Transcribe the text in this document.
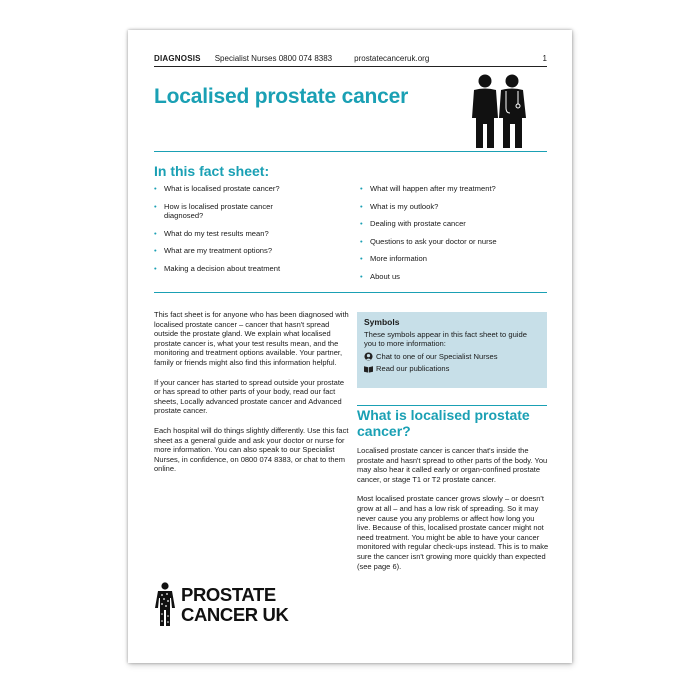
DIAGNOSIS Specialist Nurses 0800 074 8383	prostatecanceruk.org	1
Localised prostate cancer
In this fact sheet:
• What is localised prostate cancer?
• How is localised prostate cancer diagnosed?
• What do my test results mean?
• What are my treatment options?
• Making a decision about treatment
• What will happen after my treatment?
• What is my outlook?
• Dealing with prostate cancer
• Questions to ask your doctor or nurse
• More information
• About us

This fact sheet is for anyone who has been diagnosed with localised prostate cancer – cancer that hasn't spread outside the prostate gland. We explain what localised prostate cancer is, what your test results mean, and the monitoring and treatment options available. Your partner, family or friends might also find this information helpful.

If your cancer has started to spread outside your prostate or has spread to other parts of your body, read our fact sheets, Locally advanced prostate cancer and Advanced prostate cancer.

Each hospital will do things slightly differently. Use this fact sheet as a general guide and ask your doctor or nurse for more information. You can also speak to our Specialist Nurses, in confidence, on 0800 074 8383, or chat to them online.

Symbols
These symbols appear in this fact sheet to guide you to more information:
Chat to one of our Specialist Nurses
Read our publications
What is localised prostate cancer?

Localised prostate cancer is cancer that's inside the prostate and hasn't spread to other parts of the body. You may also hear it called early or organ-confined prostate cancer, or stage T1 or T2 prostate cancer.

Most localised prostate cancer grows slowly – or doesn't grow at all – and has a low risk of spreading. So it may never cause you any problems or affect how long you live. Because of this, localised prostate cancer might not need treatment. You might be able to have your cancer monitored with regular check-ups instead. This is to make sure the cancer isn't growing more quickly than expected (see page 6).

PROSTATE
CANCER UK
